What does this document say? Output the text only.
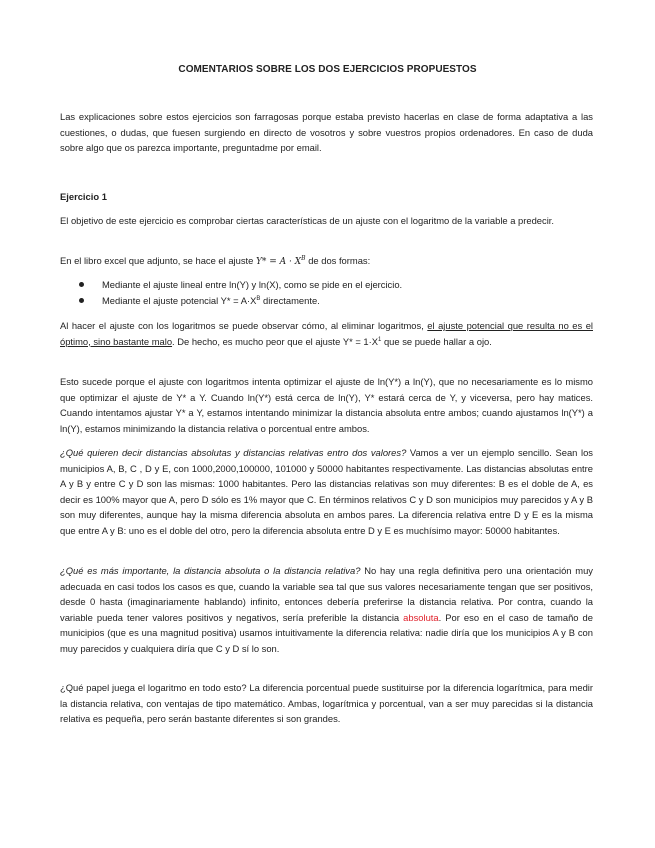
COMENTARIOS SOBRE LOS DOS EJERCICIOS PROPUESTOS

Las explicaciones sobre estos ejercicios son farragosas porque estaba previsto hacerlas en clase de forma adaptativa a las cuestiones, o dudas, que fuesen surgiendo en directo de vosotros y sobre vuestros propios ordenadores. En caso de duda sobre algo que os parezca importante, preguntadme por email.

Ejercicio 1

El objetivo de este ejercicio es comprobar ciertas características de un ajuste con el logaritmo de la variable a predecir.

En el libro excel que adjunto, se hace el ajuste $Y* = A \cdot X^B$ de dos formas:

Mediante el ajuste lineal entre ln(Y) y ln(X), como se pide en el ejercicio.
Mediante el ajuste potencial $Y* = A\cdot X^B$ directamente.

Al hacer el ajuste con los logaritmos se puede observar cómo, al eliminar logaritmos, el ajuste potencial que resulta no es el óptimo, sino bastante malo. De hecho, es mucho peor que el ajuste $Y* = 1\cdot X^1$ que se puede hallar a ojo.

Esto sucede porque el ajuste con logaritmos intenta optimizar el ajuste de ln(Y*) a ln(Y), que no necesariamente es lo mismo que optimizar el ajuste de Y* a Y. Cuando ln(Y*) está cerca de ln(Y), Y* estará cerca de Y, y viceversa, pero hay matices. Cuando intentamos ajustar Y* a Y, estamos intentando minimizar la distancia absoluta entre ambos; cuando ajustamos ln(Y*) a ln(Y), estamos minimizando la distancia relativa o porcentual entre ambos.

¿Qué quieren decir distancias absolutas y distancias relativas entro dos valores? Vamos a ver un ejemplo sencillo. Sean los municipios A, B, C , D y E, con 1000,2000,100000, 101000 y 50000 habitantes respectivamente. Las distancias absolutas entre A y B y entre C y D son las mismas: 1000 habitantes. Pero las distancias relativas son muy diferentes: B es el doble de A, es decir es 100% mayor que A, pero D sólo es 1% mayor que C. En términos relativos C y D son municipios muy parecidos y A y B son muy diferentes, aunque hay la misma diferencia absoluta en ambos pares. La diferencia relativa entre D y E es la misma que entre A y B: uno es el doble del otro, pero la diferencia absoluta entre D y E es muchísimo mayor: 50000 habitantes.

¿Qué es más importante, la distancia absoluta o la distancia relativa? No hay una regla definitiva pero una orientación muy adecuada en casi todos los casos es que, cuando la variable sea tal que sus valores necesariamente tengan que ser positivos, desde 0 hasta (imaginariamente hablando) infinito, entonces debería preferirse la distancia relativa. Por contra, cuando la variable pueda tener valores positivos y negativos, sería preferible la distancia absoluta. Por eso en el caso de tamaño de municipios (que es una magnitud positiva) usamos intuitivamente la diferencia relativa: nadie diría que los municipios A y B con muy parecidos y cualquiera diría que C y D sí lo son.

¿Qué papel juega el logaritmo en todo esto? La diferencia porcentual puede sustituirse por la diferencia logarítmica, para medir la distancia relativa, con ventajas de tipo matemático. Ambas, logarítmica y porcentual, van a ser muy parecidas si la distancia relativa es pequeña, pero serán bastante diferentes si son grandes.
